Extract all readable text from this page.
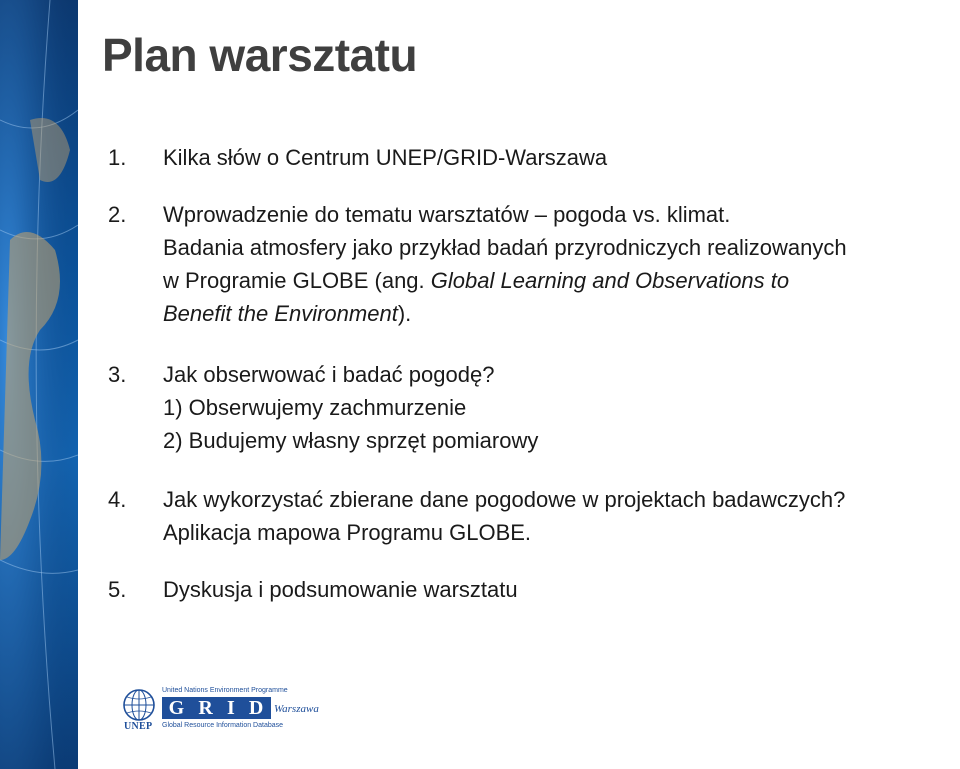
Plan warsztatu
1.	Kilka słów o Centrum UNEP/GRID-Warszawa
2.	Wprowadzenie do tematu warsztatów – pogoda vs. klimat.
Badania atmosfery jako przykład badań przyrodniczych realizowanych
w Programie GLOBE (ang. Global Learning and Observations to
Benefit the Environment).
3.	Jak obserwować i badać pogodę?
1) Obserwujemy zachmurzenie
2) Budujemy własny sprzęt pomiarowy
4.	Jak wykorzystać zbierane dane pogodowe w projektach badawczych?
Aplikacja mapowa Programu GLOBE.
5.	Dyskusja i podsumowanie warsztatu
UNEP
United Nations Environment Programme
G R I D Warszawa
Global Resource Information Database
